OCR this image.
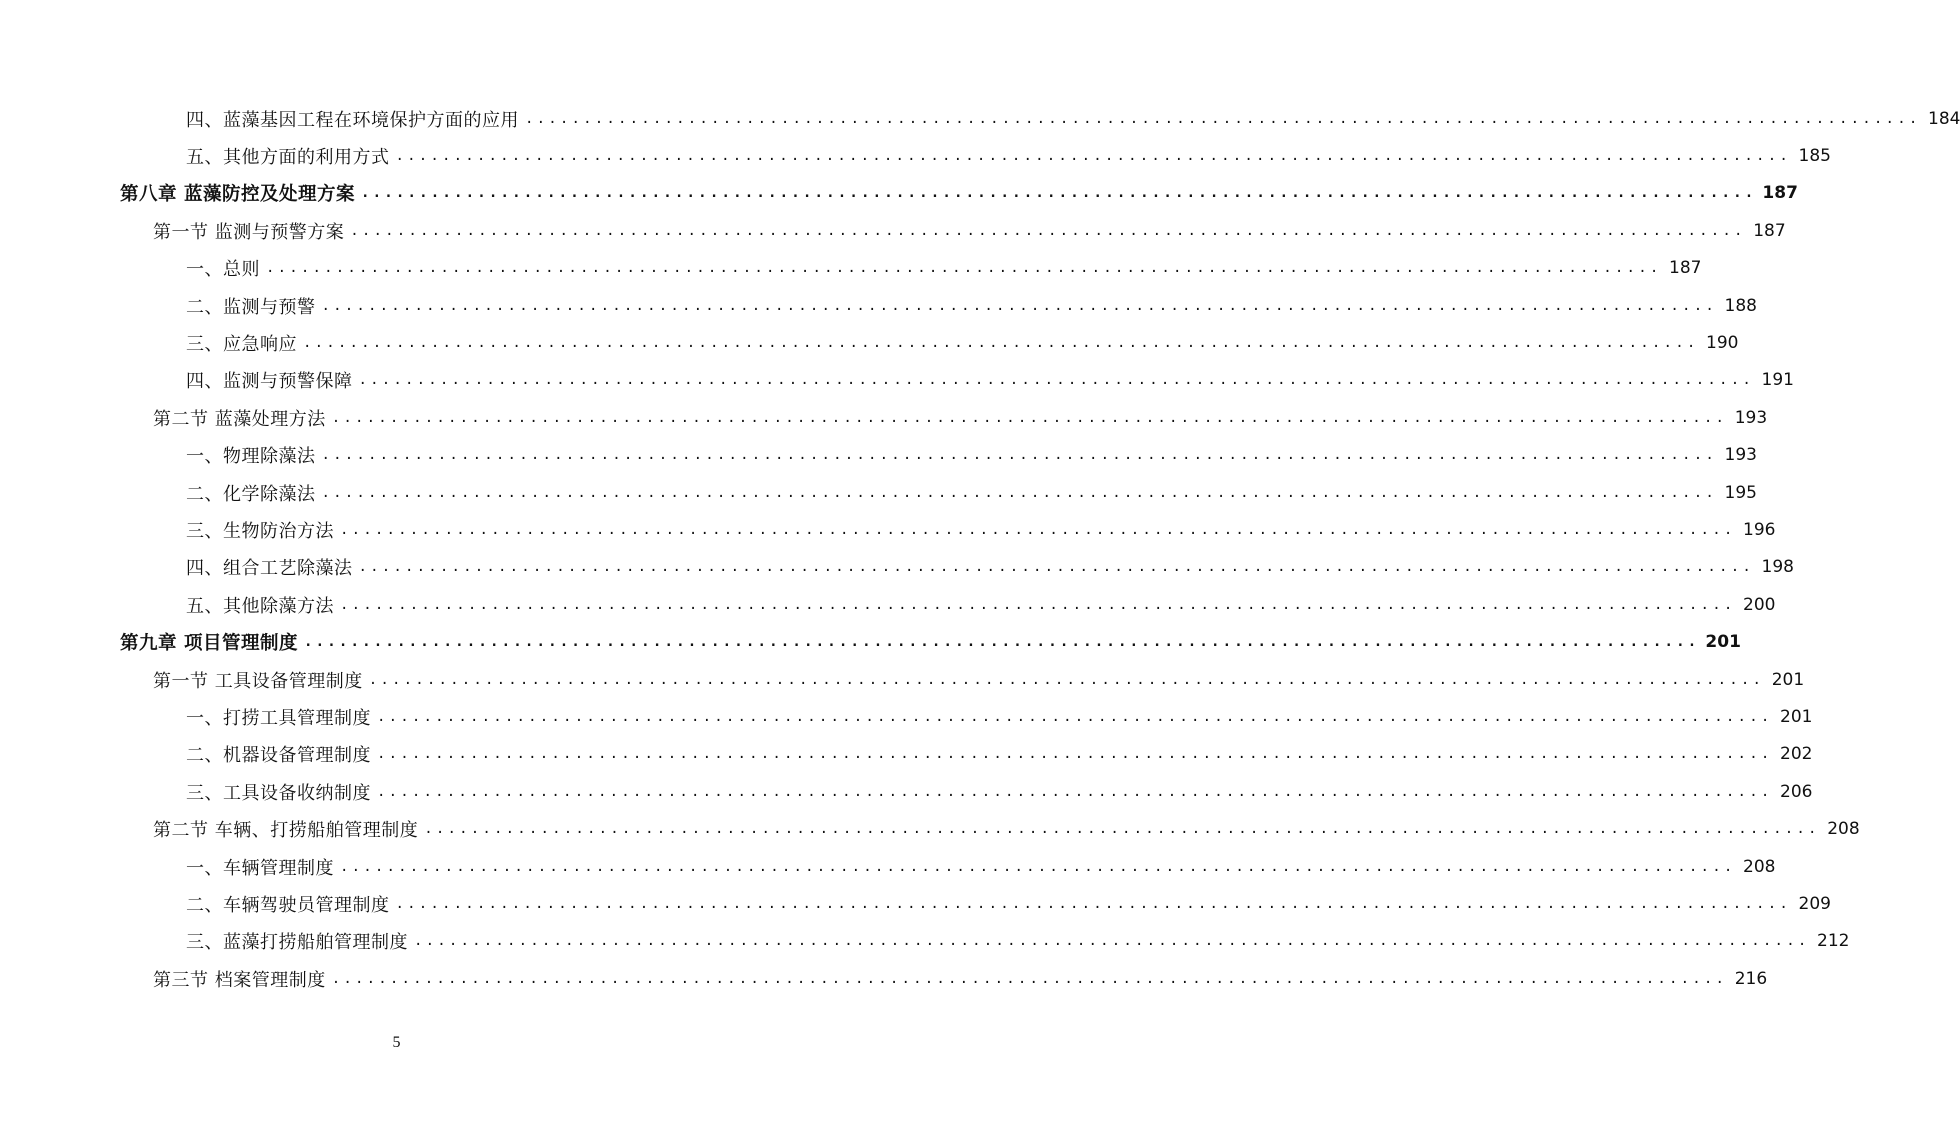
四、蓝藻基因工程在环境保护方面的应用 ........................................................................................................................ 184
五、其他方面的利用方式 ........................................................................................................................ 185
第八章 蓝藻防控及处理方案 ........................................................................................................................ 187
第一节 监测与预警方案 ........................................................................................................................ 187
一、总则 ........................................................................................................................ 187
二、监测与预警 ........................................................................................................................ 188
三、应急响应 ........................................................................................................................ 190
四、监测与预警保障 ........................................................................................................................ 191
第二节 蓝藻处理方法 ........................................................................................................................ 193
一、物理除藻法 ........................................................................................................................ 193
二、化学除藻法 ........................................................................................................................ 195
三、生物防治方法 ........................................................................................................................ 196
四、组合工艺除藻法 ........................................................................................................................ 198
五、其他除藻方法 ........................................................................................................................ 200
第九章 项目管理制度 ........................................................................................................................ 201
第一节 工具设备管理制度 ........................................................................................................................ 201
一、打捞工具管理制度 ........................................................................................................................ 201
二、机器设备管理制度 ........................................................................................................................ 202
三、工具设备收纳制度 ........................................................................................................................ 206
第二节 车辆、打捞船舶管理制度 ........................................................................................................................ 208
一、车辆管理制度 ........................................................................................................................ 208
二、车辆驾驶员管理制度 ........................................................................................................................ 209
三、蓝藻打捞船舶管理制度 ........................................................................................................................ 212
第三节 档案管理制度 ........................................................................................................................ 216
5
